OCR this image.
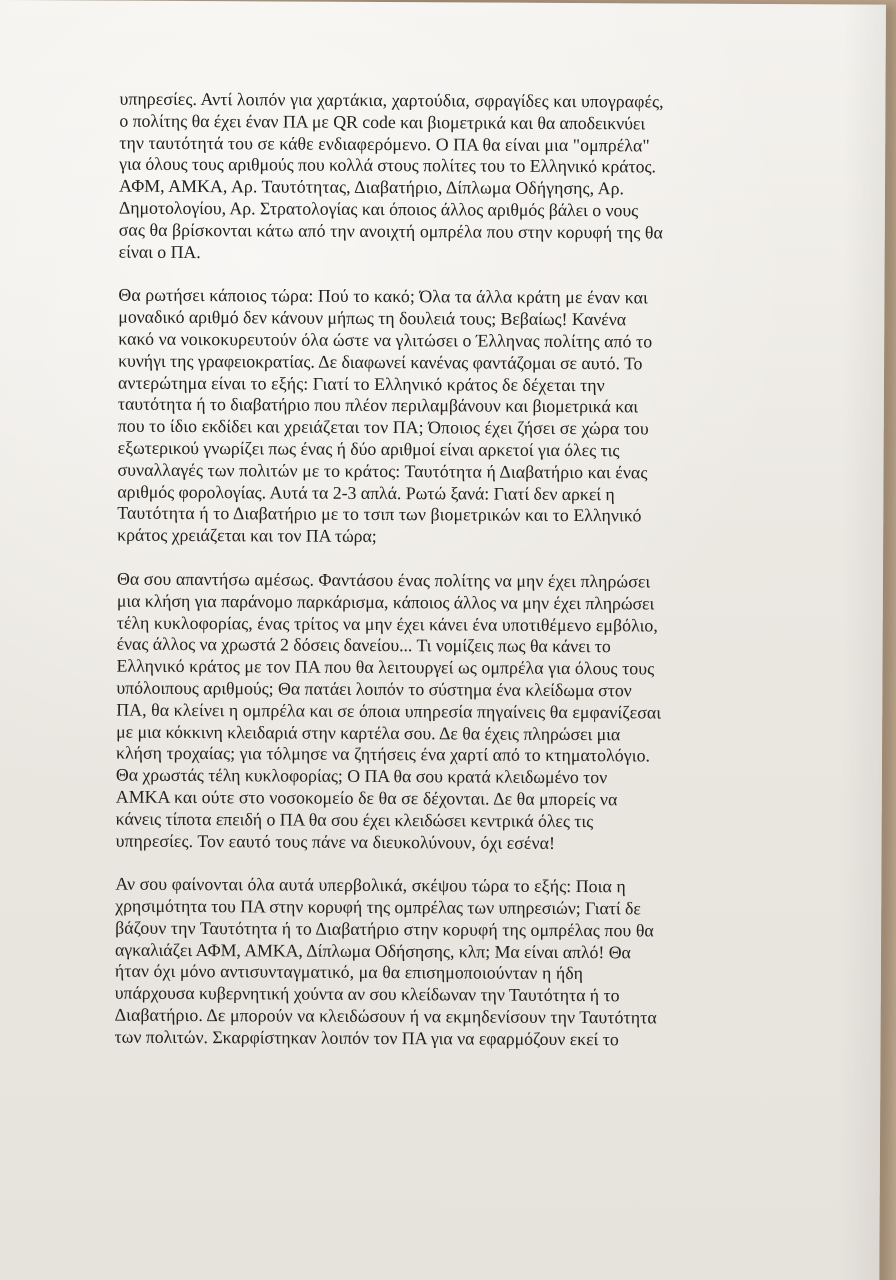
υπηρεσίες. Αντί λοιπόν για χαρτάκια, χαρτούδια, σφραγίδες και υπογραφές,
ο πολίτης θα έχει έναν ΠΑ με QR code και βιομετρικά και θα αποδεικνύει
την ταυτότητά του σε κάθε ενδιαφερόμενο. Ο ΠΑ θα είναι μια "ομπρέλα"
για όλους τους αριθμούς που κολλά στους πολίτες του το Ελληνικό κράτος.
ΑΦΜ, ΑΜΚΑ, Αρ. Ταυτότητας, Διαβατήριο, Δίπλωμα Οδήγησης, Αρ.
Δημοτολογίου, Αρ. Στρατολογίας και όποιος άλλος αριθμός βάλει ο νους
σας θα βρίσκονται κάτω από την ανοιχτή ομπρέλα που στην κορυφή της θα
είναι ο ΠΑ.
Θα ρωτήσει κάποιος τώρα: Πού το κακό; Όλα τα άλλα κράτη με έναν και
μοναδικό αριθμό δεν κάνουν μήπως τη δουλειά τους; Βεβαίως! Κανένα
κακό να νοικοκυρευτούν όλα ώστε να γλιτώσει ο Έλληνας πολίτης από το
κυνήγι της γραφειοκρατίας. Δε διαφωνεί κανένας φαντάζομαι σε αυτό. Το
αντερώτημα είναι το εξής: Γιατί το Ελληνικό κράτος δε δέχεται την
ταυτότητα ή το διαβατήριο που πλέον περιλαμβάνουν και βιομετρικά και
που το ίδιο εκδίδει και χρειάζεται τον ΠΑ; Όποιος έχει ζήσει σε χώρα του
εξωτερικού γνωρίζει πως ένας ή δύο αριθμοί είναι αρκετοί για όλες τις
συναλλαγές των πολιτών με το κράτος: Ταυτότητα ή Διαβατήριο και ένας
αριθμός φορολογίας. Αυτά τα 2-3 απλά. Ρωτώ ξανά: Γιατί δεν αρκεί η
Ταυτότητα ή το Διαβατήριο με το τσιπ των βιομετρικών και το Ελληνικό
κράτος χρειάζεται και τον ΠΑ τώρα;
Θα σου απαντήσω αμέσως. Φαντάσου ένας πολίτης να μην έχει πληρώσει
μια κλήση για παράνομο παρκάρισμα, κάποιος άλλος να μην έχει πληρώσει
τέλη κυκλοφορίας, ένας τρίτος να μην έχει κάνει ένα υποτιθέμενο εμβόλιο,
ένας άλλος να χρωστά 2 δόσεις δανείου... Τι νομίζεις πως θα κάνει το
Ελληνικό κράτος με τον ΠΑ που θα λειτουργεί ως ομπρέλα για όλους τους
υπόλοιπους αριθμούς; Θα πατάει λοιπόν το σύστημα ένα κλείδωμα στον
ΠΑ, θα κλείνει η ομπρέλα και σε όποια υπηρεσία πηγαίνεις θα εμφανίζεσαι
με μια κόκκινη κλειδαριά στην καρτέλα σου. Δε θα έχεις πληρώσει μια
κλήση τροχαίας; για τόλμησε να ζητήσεις ένα χαρτί από το κτηματολόγιο.
Θα χρωστάς τέλη κυκλοφορίας; Ο ΠΑ θα σου κρατά κλειδωμένο τον
ΑΜΚΑ και ούτε στο νοσοκομείο δε θα σε δέχονται. Δε θα μπορείς να
κάνεις τίποτα επειδή ο ΠΑ θα σου έχει κλειδώσει κεντρικά όλες τις
υπηρεσίες. Τον εαυτό τους πάνε να διευκολύνουν, όχι εσένα!
Αν σου φαίνονται όλα αυτά υπερβολικά, σκέψου τώρα το εξής: Ποια η
χρησιμότητα του ΠΑ στην κορυφή της ομπρέλας των υπηρεσιών; Γιατί δε
βάζουν την Ταυτότητα ή το Διαβατήριο στην κορυφή της ομπρέλας που θα
αγκαλιάζει ΑΦΜ, ΑΜΚΑ, Δίπλωμα Οδήσησης, κλπ; Μα είναι απλό! Θα
ήταν όχι μόνο αντισυνταγματικό, μα θα επισημοποιούνταν η ήδη
υπάρχουσα κυβερνητική χούντα αν σου κλείδωναν την Ταυτότητα ή το
Διαβατήριο. Δε μπορούν να κλειδώσουν ή να εκμηδενίσουν την Ταυτότητα
των πολιτών. Σκαρφίστηκαν λοιπόν τον ΠΑ για να εφαρμόζουν εκεί το
